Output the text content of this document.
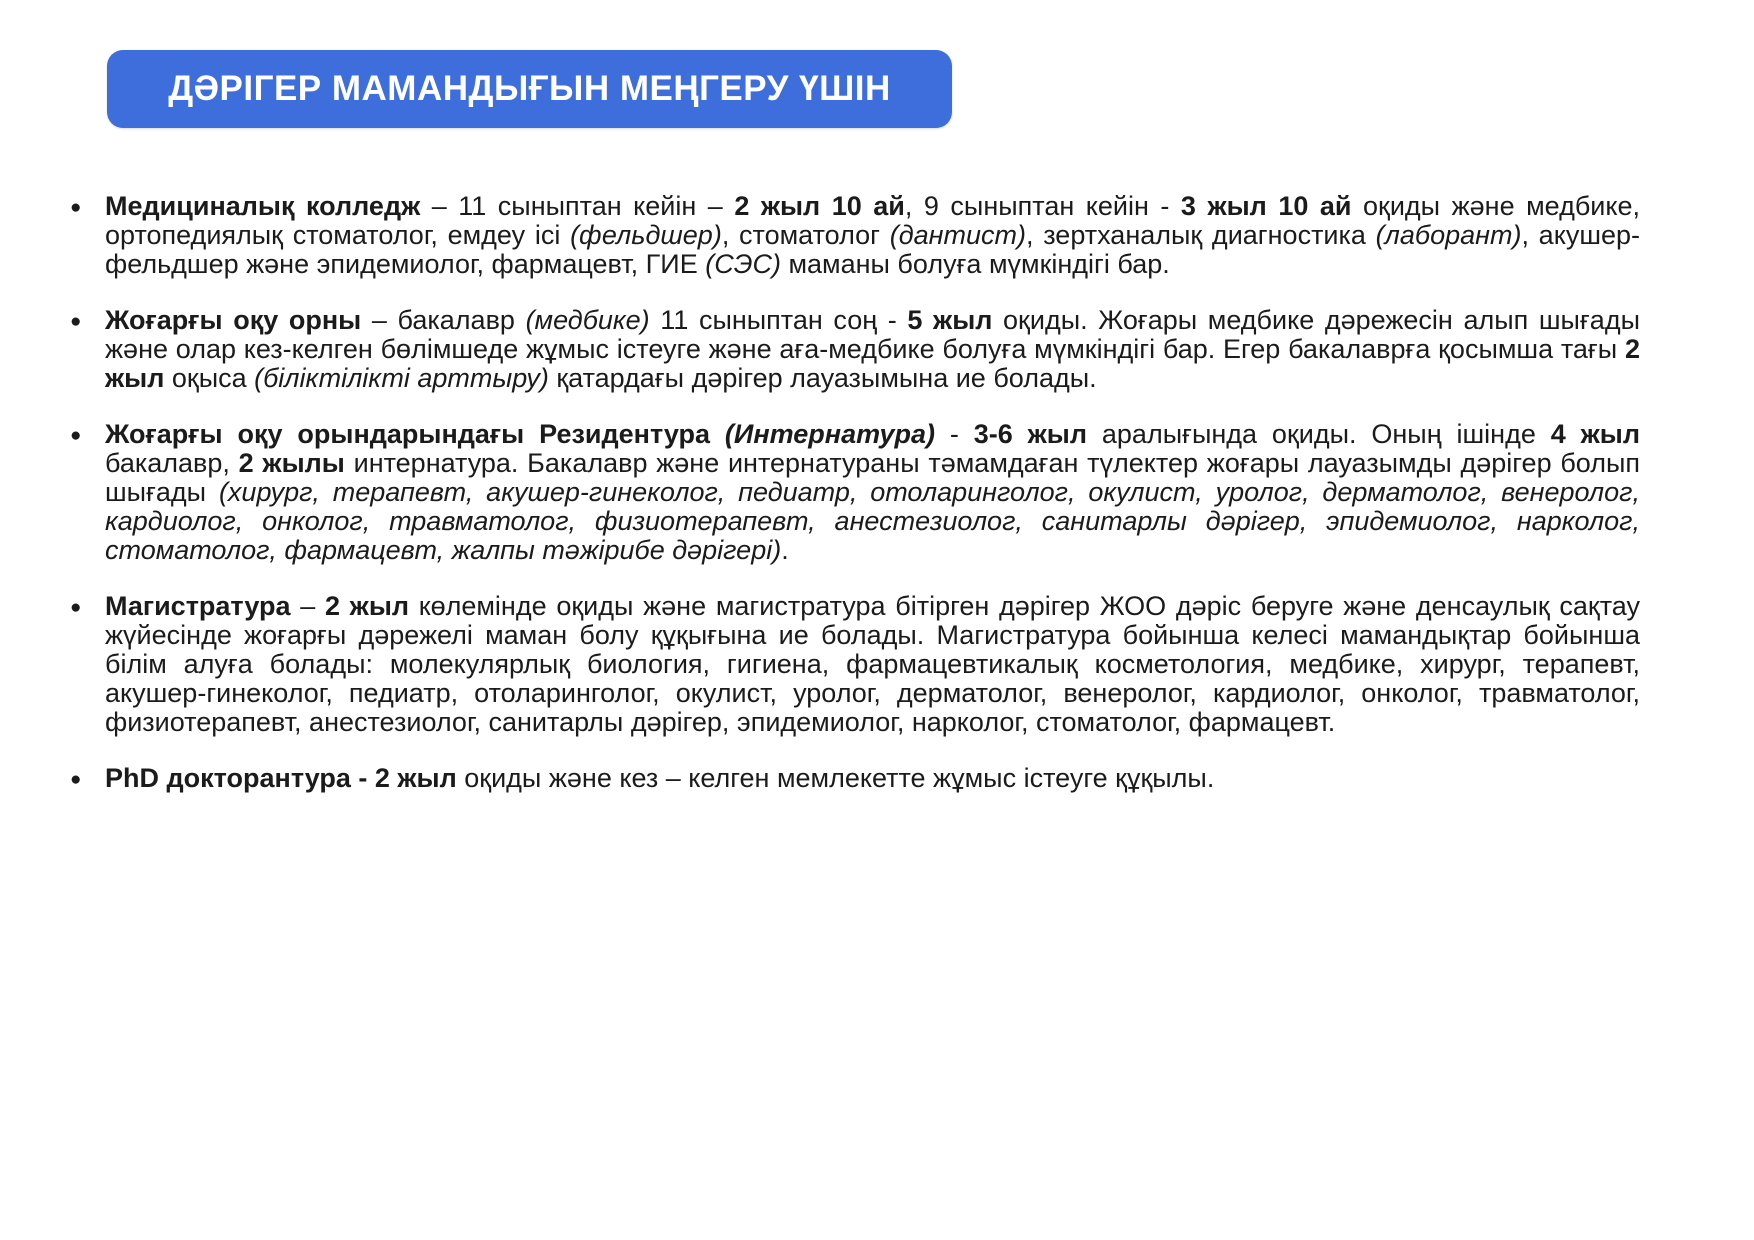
ДӘРІГЕР МАМАНДЫҒЫН МЕҢГЕРУ ҮШІН
● Медициналық колледж – 11 сыныптан кейін – 2 жыл 10 ай, 9 сыныптан кейін - 3 жыл 10 ай оқиды және медбике, ортопедиялық стоматолог, емдеу ісі (фельдшер), стоматолог (дантист), зертханалық диагностика (лаборант), акушер-фельдшер және эпидемиолог, фармацевт, ГИЕ (СЭС) маманы болуға мүмкіндігі бар.

● Жоғарғы оқу орны – бакалавр (медбике) 11 сыныптан соң - 5 жыл оқиды. Жоғары медбике дәрежесін алып шығады және олар кез-келген бөлімшеде жұмыс істеуге және аға-медбике болуға мүмкіндігі бар. Егер бакалаврға қосымша тағы 2 жыл оқыса (біліктілікті арттыру) қатардағы дәрігер лауазымына ие болады.

● Жоғарғы оқу орындарындағы Резидентура (Интернатура) - 3-6 жыл аралығында оқиды. Оның ішінде 4 жыл бакалавр, 2 жылы интернатура. Бакалавр және интернатураны тәмамдаған түлектер жоғары лауазымды дәрігер болып шығады (хирург, терапевт, акушер-гинеколог, педиатр, отоларинголог, окулист, уролог, дерматолог, венеролог, кардиолог, онколог, травматолог, физиотерапевт, анестезиолог, санитарлы дәрігер, эпидемиолог, нарколог, стоматолог, фармацевт, жалпы тәжірибе дәрігері).

● Магистратура – 2 жыл көлемінде оқиды және магистратура бітірген дәрігер ЖОО дәріс беруге және денсаулық сақтау жүйесінде жоғарғы дәрежелі маман болу құқығына ие болады. Магистратура бойынша келесі мамандықтар бойынша білім алуға болады: молекулярлық биология, гигиена, фармацевтикалық косметология, медбике, хирург, терапевт, акушер-гинеколог, педиатр, отоларинголог, окулист, уролог, дерматолог, венеролог, кардиолог, онколог, травматолог, физиотерапевт, анестезиолог, санитарлы дәрігер, эпидемиолог, нарколог, стоматолог, фармацевт.

● PhD докторантура - 2 жыл оқиды және кез – келген мемлекетте жұмыс істеуге құқылы.
